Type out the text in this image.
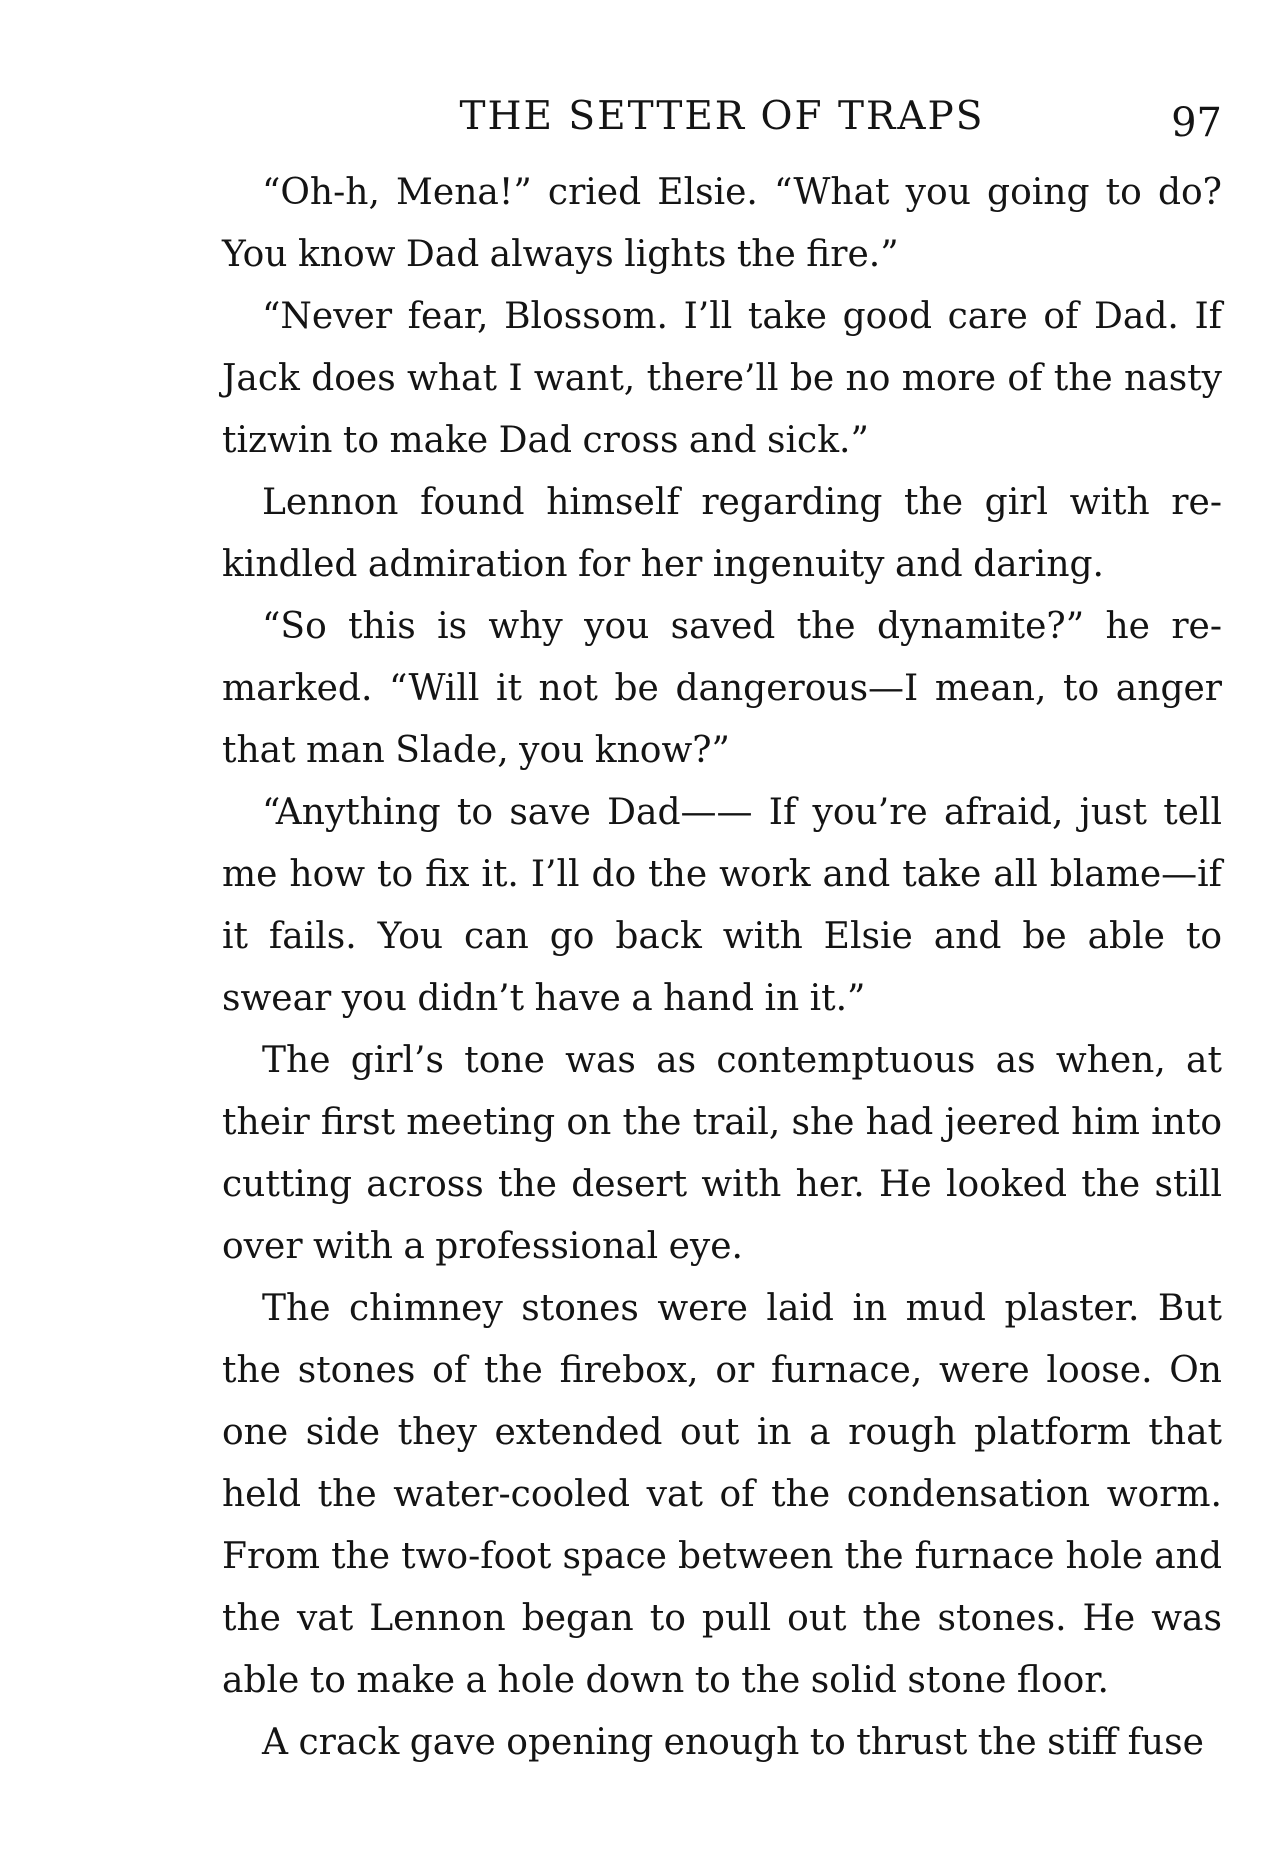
THE SETTER OF TRAPS	97

“Oh-h, Mena!” cried Elsie. “What you going to do? You know Dad always lights the fire.”

“Never fear, Blossom. I’ll take good care of Dad. If Jack does what I want, there’ll be no more of the nasty tizwin to make Dad cross and sick.”

Lennon found himself regarding the girl with rekindled admiration for her ingenuity and daring.

“So this is why you saved the dynamite?” he remarked. “Will it not be dangerous—I mean, to anger that man Slade, you know?”

“Anything to save Dad—— If you’re afraid, just tell me how to fix it. I’ll do the work and take all blame—if it fails. You can go back with Elsie and be able to swear you didn’t have a hand in it.”

The girl’s tone was as contemptuous as when, at their first meeting on the trail, she had jeered him into cutting across the desert with her. He looked the still over with a professional eye.

The chimney stones were laid in mud plaster. But the stones of the firebox, or furnace, were loose. On one side they extended out in a rough platform that held the water-cooled vat of the condensation worm. From the two-foot space between the furnace hole and the vat Lennon began to pull out the stones. He was able to make a hole down to the solid stone floor.

A crack gave opening enough to thrust the stiff fuse
